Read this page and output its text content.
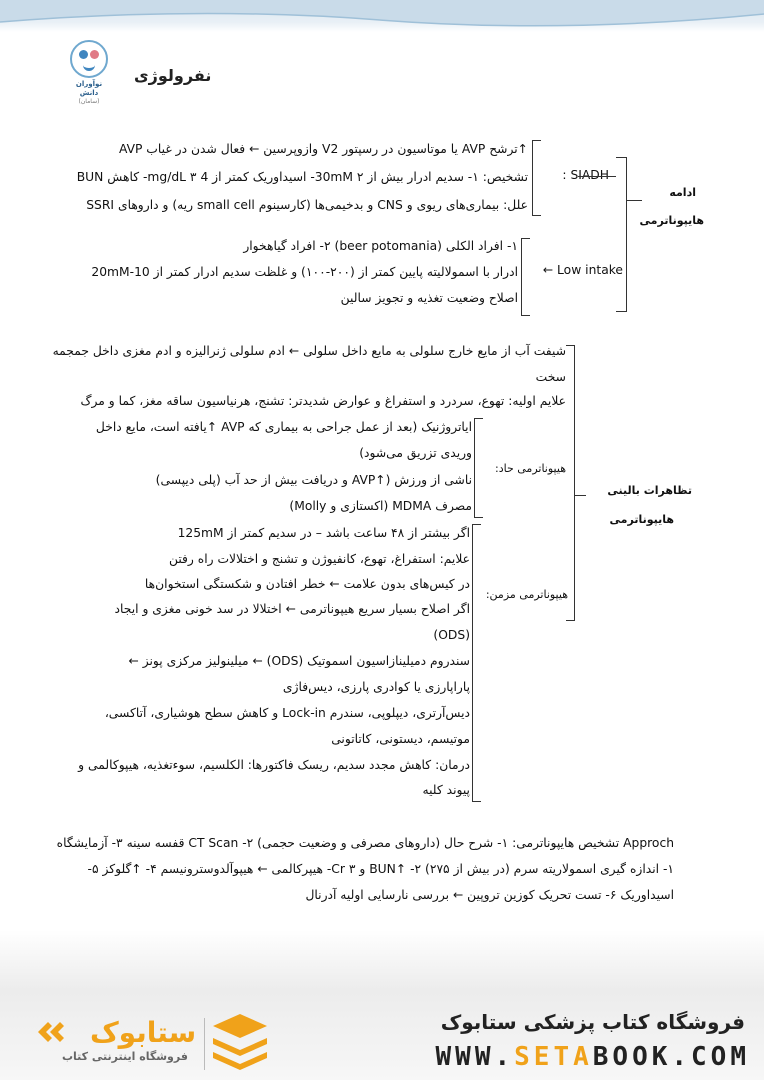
نوآوران دانش
(سامان)
نفرولوژی
ادامه
هایپوناترمی
SIADH :
↑ترشح AVP یا موتاسیون در رسپتور V2 وازوپرسین ← فعال شدن در غیاب AVP
تشخیص: ۱- سدیم ادرار بیش از 30mM ۲- اسیداوریک کمتر از 4 mg/dL ۳- کاهش BUN
علل: بیماری‌های ریوی و CNS و بدخیمی‌ها (کارسینوم small cell ریه) و داروهای SSRI
Low intake ←
۱- افراد الکلی (beer potomania) ۲- افراد گیاهخوار
ادرار با اسمولالیته پایین کمتر از (۲۰۰-۱۰۰) و غلظت سدیم ادرار کمتر از 10-20mM
اصلاح وضعیت تغذیه و تجویز سالین
تظاهرات بالینی
هایپوناترمی
شیفت آب از مایع خارج سلولی به مایع داخل سلولی ← ادم سلولی ژنرالیزه و ادم مغزی داخل جمجمه
سخت
علایم اولیه: تهوع، سردرد و استفراغ و عوارض شدیدتر: تشنج، هرنیاسیون ساقه مغز، کما و مرگ
هیپوناترمی حاد:
ایاتروژنیک (بعد از عمل جراحی به بیماری که AVP ↑یافته است، مایع داخل
وریدی تزریق می‌شود)
ناشی از ورزش (↑AVP و دریافت بیش از حد آب (پلی دیپسی)
مصرف MDMA (اکستازی و Molly)
هیپوناترمی مزمن:
اگر بیشتر از ۴۸ ساعت باشد – در سدیم کمتر از 125mM
علایم: استفراغ، تهوع، کانفیوژن و تشنج و اختلالات راه رفتن
در کیس‌های بدون علامت ← خطر افتادن و شکستگی استخوان‌ها
اگر اصلاح بسیار سریع هیپوناترمی ← اختلالا در سد خونی مغزی و ایجاد
(ODS)
سندروم دمیلینازاسیون اسموتیک (ODS) ← میلینولیز مرکزی پونز ←
پاراپارزی یا کوادری پارزی، دیس‌فاژی
دیس‌آرتری، دیپلوپی، سندرم Lock-in و کاهش سطح هوشیاری، آتاکسی،
موتیسم، دیستونی، کاتاتونی
درمان: کاهش مجدد سدیم، ریسک فاکتورها: الکلسیم، سوءتغذیه، هیپوکالمی و
پیوند کلیه
Approch تشخیص هایپوناترمی: ۱- شرح حال (داروهای مصرفی و وضعیت حجمی) ۲- CT Scan قفسه سینه ۳- آزمایشگاه
۱- اندازه گیری اسمولاریته سرم (در بیش از ۲۷۵) ۲- ↑BUN و Cr ۳- هیپرکالمی ← هیپوآلدوسترونیسم ۴- ↑گلوکز ۵-
اسیداوریک ۶- تست تحریک کوزین تروپین ← بررسی نارسایی اولیه آدرنال
ستابوک
فروشگاه اینترنتی کتاب
فروشگاه کتاب پزشکی ستابوک
WWW.SETABOOK.COM
